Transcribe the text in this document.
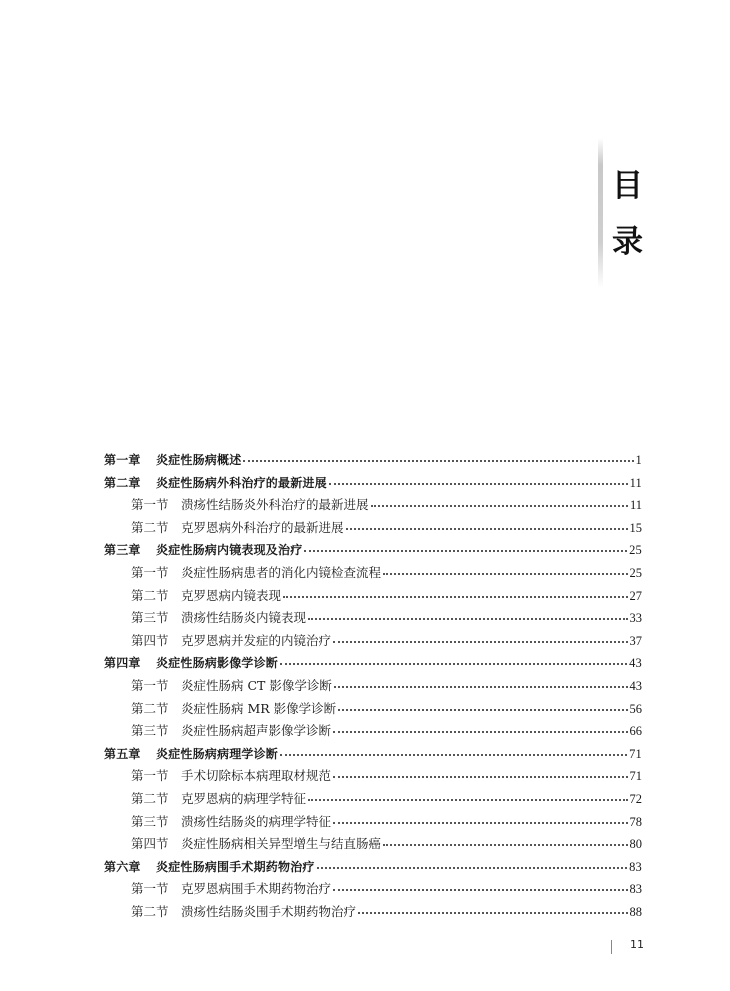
目
录
第一章	炎症性肠病概述	1
第二章	炎症性肠病外科治疗的最新进展	11
第一节 溃疡性结肠炎外科治疗的最新进展	11
第二节 克罗恩病外科治疗的最新进展	15
第三章	炎症性肠病内镜表现及治疗	25
第一节 炎症性肠病患者的消化内镜检查流程	25
第二节 克罗恩病内镜表现	27
第三节 溃疡性结肠炎内镜表现	33
第四节 克罗恩病并发症的内镜治疗	37
第四章	炎症性肠病影像学诊断	43
第一节 炎症性肠病 CT 影像学诊断	43
第二节 炎症性肠病 MR 影像学诊断	56
第三节 炎症性肠病超声影像学诊断	66
第五章	炎症性肠病病理学诊断	71
第一节 手术切除标本病理取材规范	71
第二节 克罗恩病的病理学特征	72
第三节 溃疡性结肠炎的病理学特征	78
第四节 炎症性肠病相关异型增生与结直肠癌	80
第六章	炎症性肠病围手术期药物治疗	83
第一节 克罗恩病围手术期药物治疗	83
第二节 溃疡性结肠炎围手术期药物治疗	88
11
